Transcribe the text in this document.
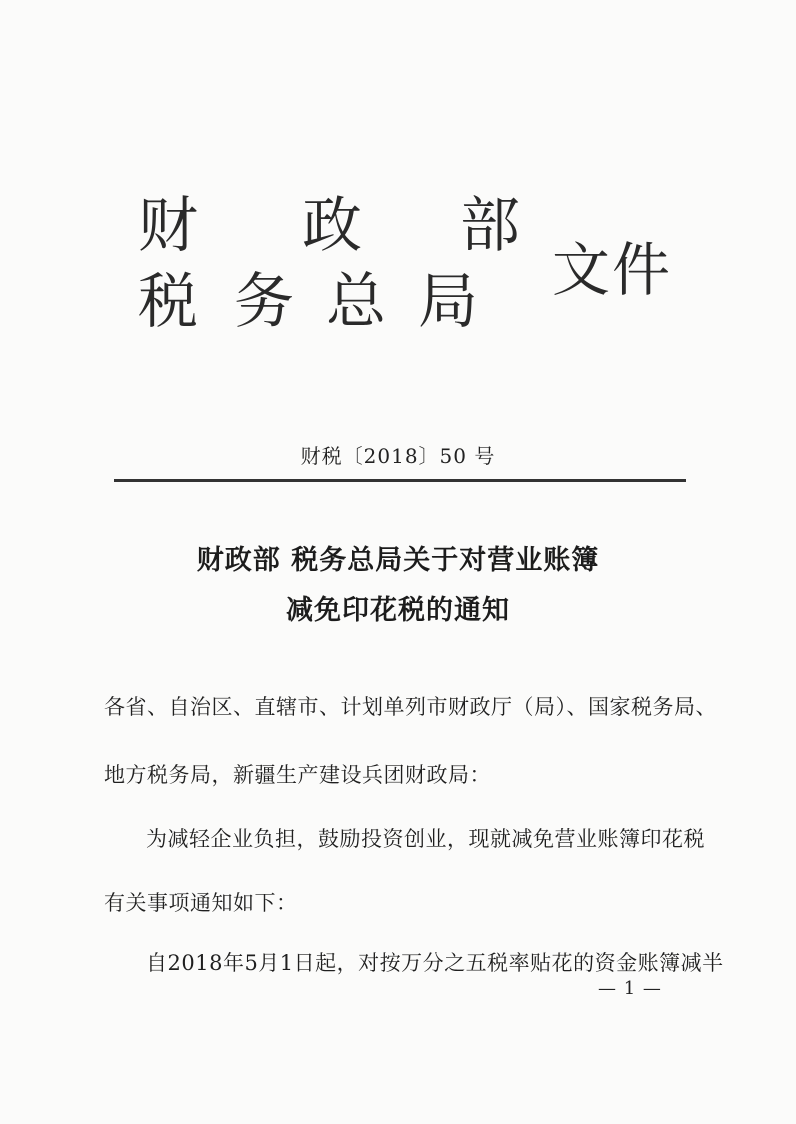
财 政 部
税 务 总 局 文件
财税〔2018〕50 号
财政部 税务总局关于对营业账簿
减免印花税的通知
各省、自治区、直辖市、计划单列市财政厅（局）、国家税务局、
地方税务局，新疆生产建设兵团财政局：
为减轻企业负担，鼓励投资创业，现就减免营业账簿印花税
有关事项通知如下：
自2018年5月1日起，对按万分之五税率贴花的资金账簿减半
— 1 —
